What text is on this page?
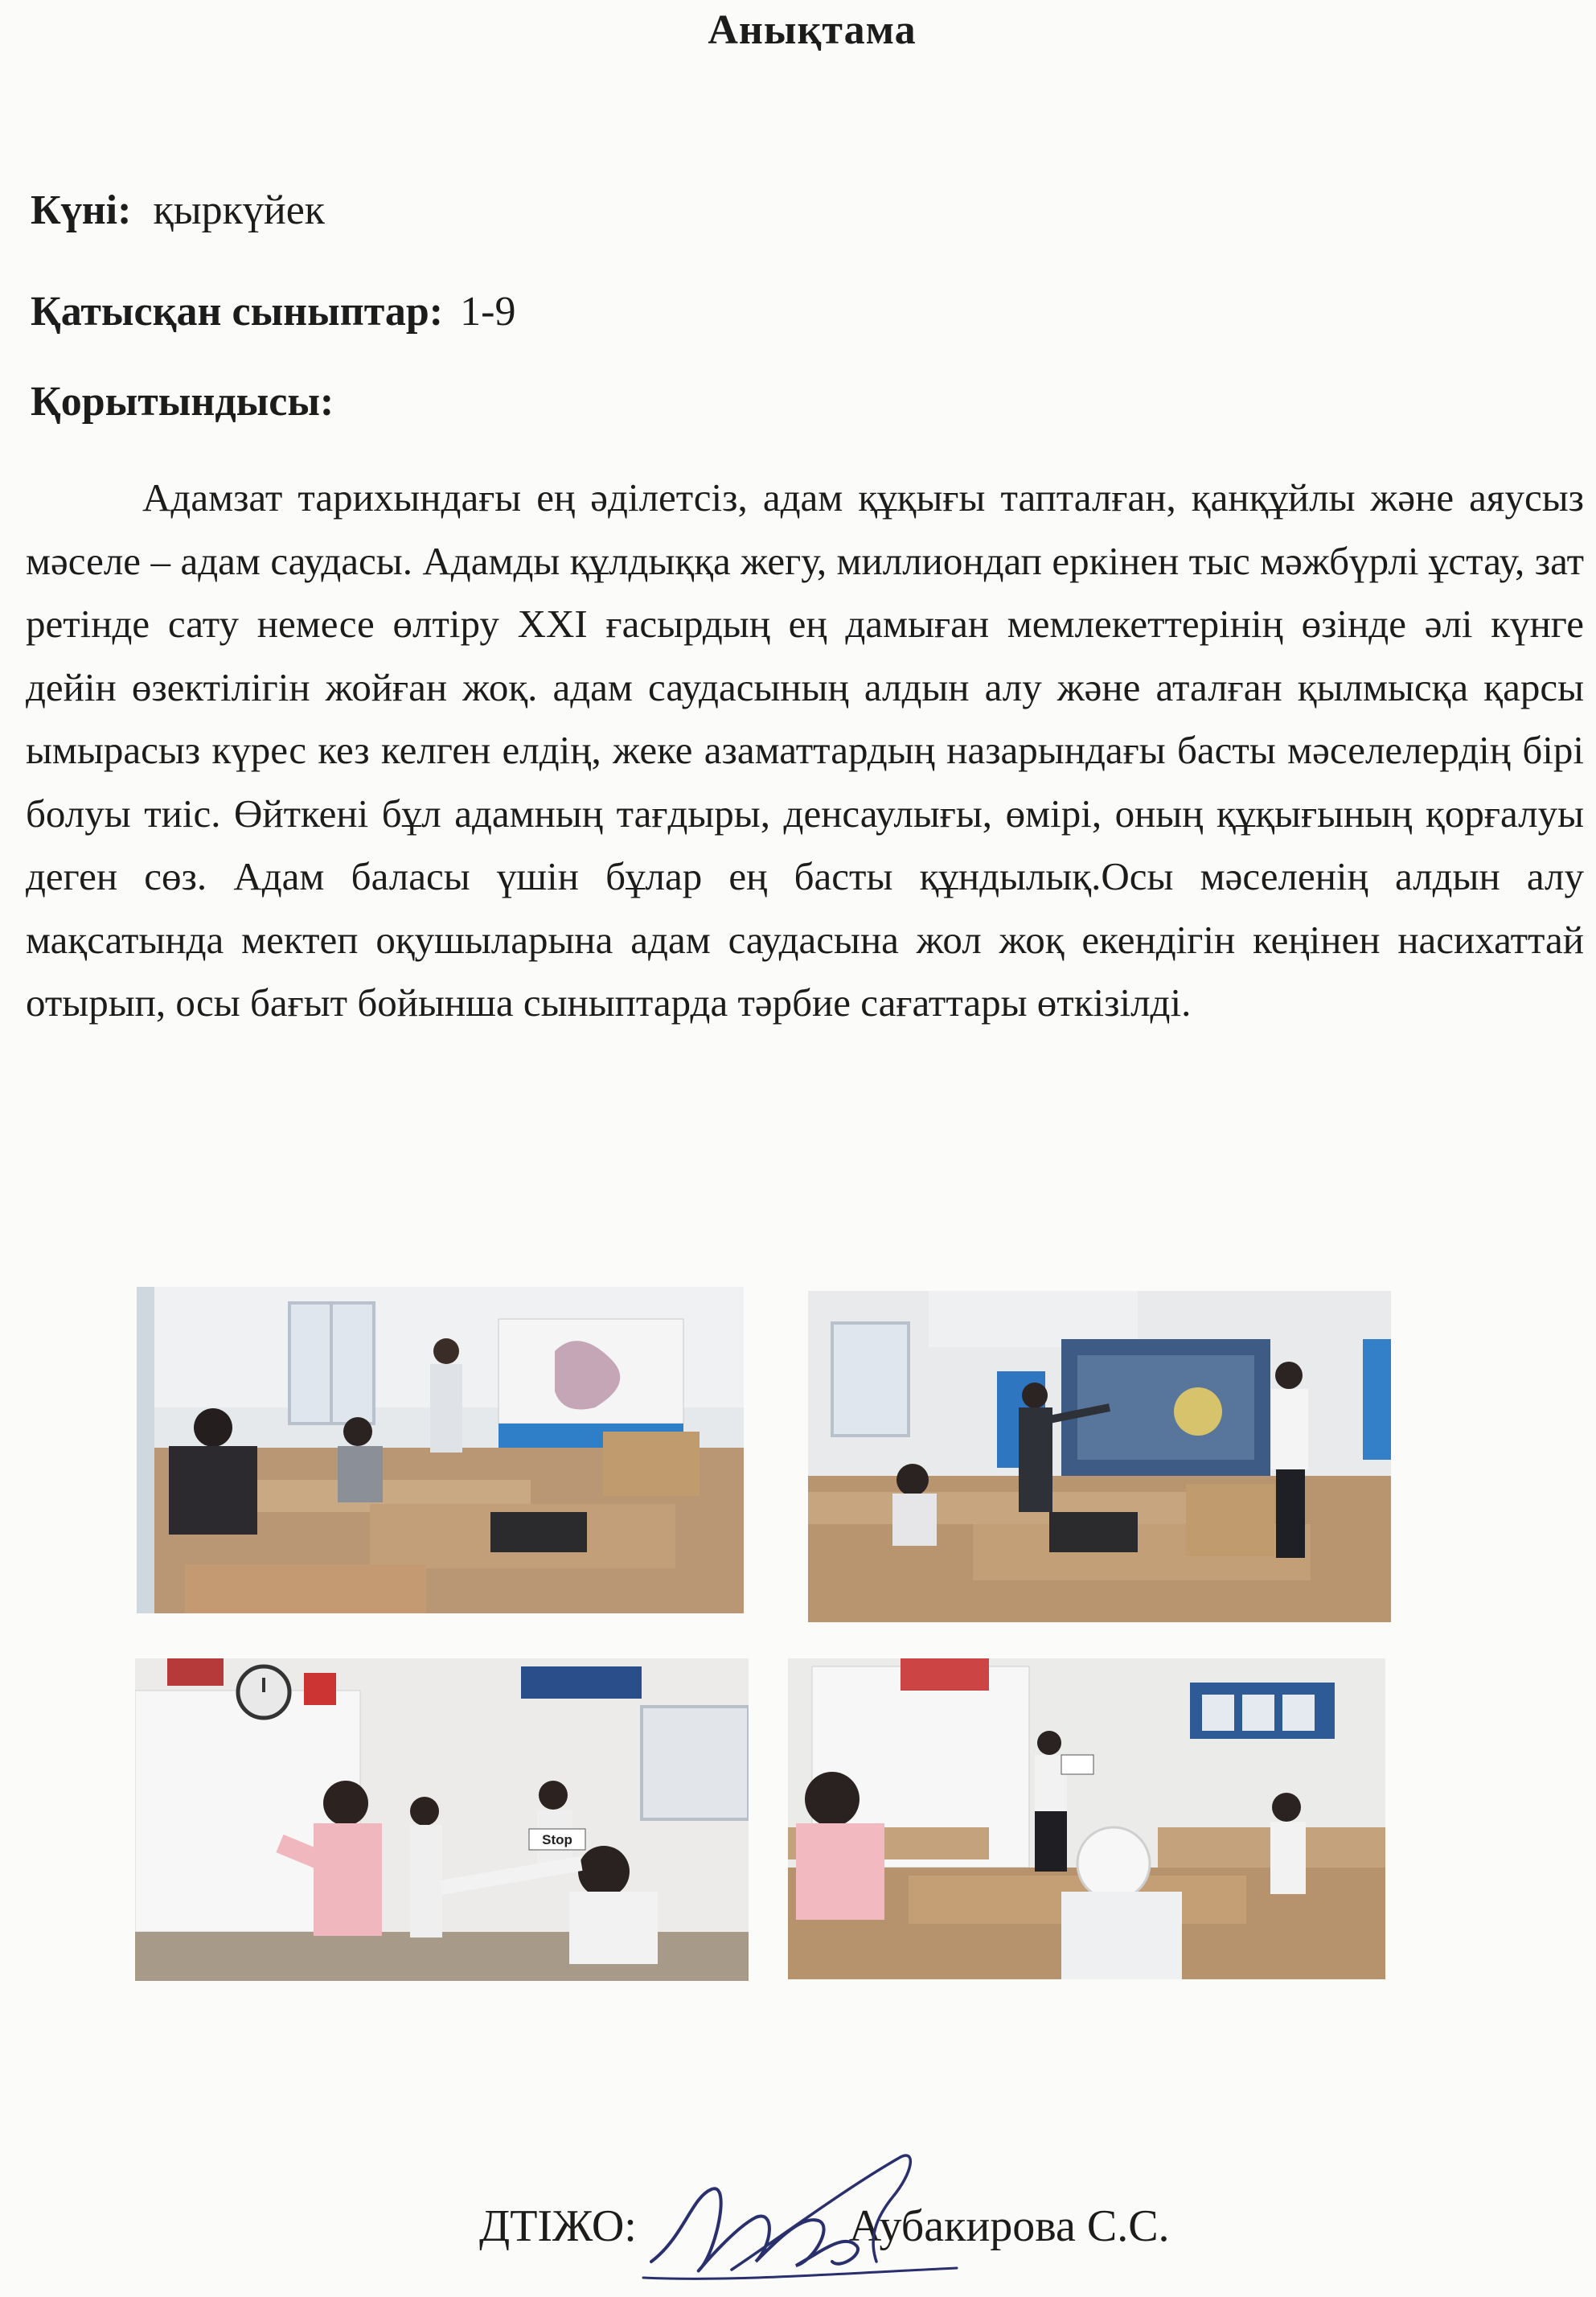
Анықтама
Күні: қыркүйек
Қатысқан сыныптар: 1-9
Қорытындысы:

Адамзат тарихындағы ең әділетсіз, адам құқығы тапталған, қанқұйлы және аяусыз мәселе – адам саудасы. Адамды құлдыққа жегу, миллиондап еркінен тыс мәжбүрлі ұстау, зат ретінде сату немесе өлтіру XXI ғасырдың ең дамыған мемлекеттерінің өзінде әлі күнге дейін өзектілігін жойған жоқ. адам саудасының алдын алу және аталған қылмысқа қарсы ымырасыз күрес кез келген елдің, жеке азаматтардың назарындағы басты мәселелердің бірі болуы тиіс. Өйткені бұл адамның тағдыры, денсаулығы, өмірі, оның құқығының қорғалуы деген сөз. Адам баласы үшін бұлар ең басты құндылық.Осы мәселенің алдын алу мақсатында мектеп оқушыларына адам саудасына жол жоқ екендігін кеңінен насихаттай отырып, осы бағыт бойынша сыныптарда тәрбие сағаттары өткізілді.

Stop
ДТІЖО:	Аубакирова С.С.
